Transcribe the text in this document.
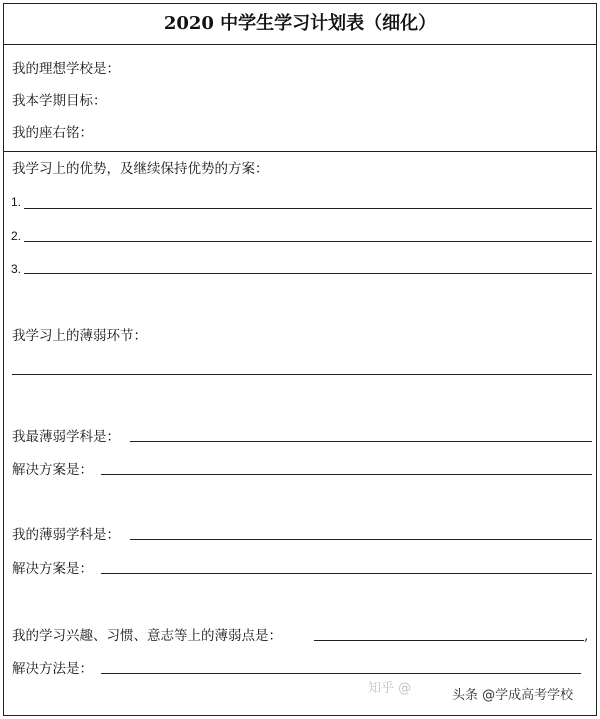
2020 中学生学习计划表（细化）
我的理想学校是：
我本学期目标：
我的座右铭：
我学习上的优势，及继续保持优势的方案：
1.
2.
3.
我学习上的薄弱环节：
我最薄弱学科是：
解决方案是：
我的薄弱学科是：
解决方案是：
我的学习兴趣、习惯、意志等上的薄弱点是：	,
解决方法是：
知乎 @	头条 @学成高考学校
